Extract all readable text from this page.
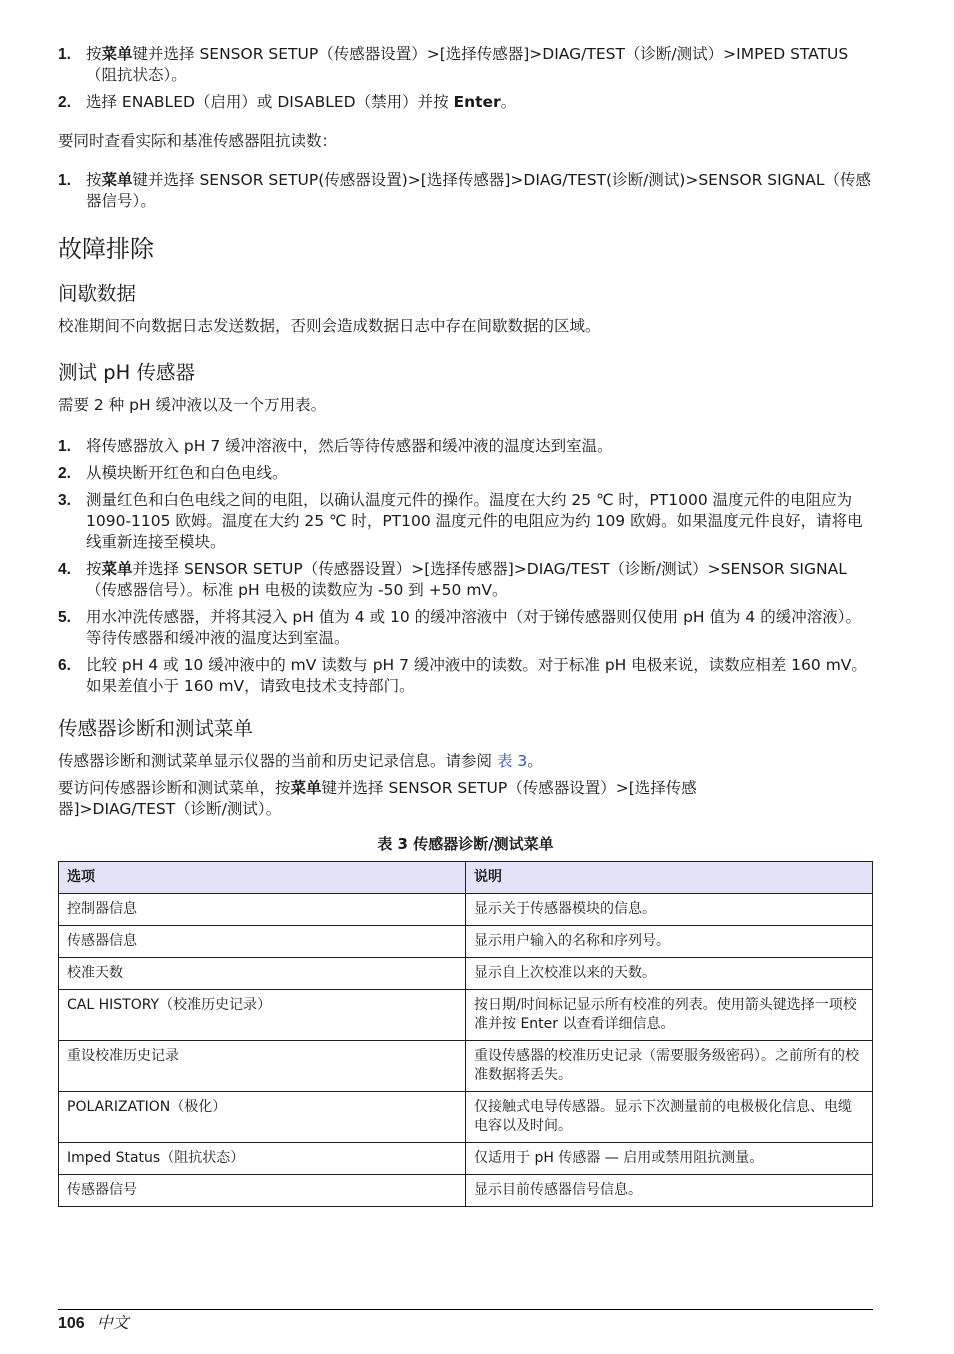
1. 按菜单键并选择 SENSOR SETUP（传感器设置）>[选择传感器]>DIAG/TEST（诊断/测试）>IMPED STATUS（阻抗状态）。
2. 选择 ENABLED（启用）或 DISABLED（禁用）并按 Enter。

要同时查看实际和基准传感器阻抗读数：

1. 按菜单键并选择 SENSOR SETUP(传感器设置)>[选择传感器]>DIAG/TEST(诊断/测试)>SENSOR SIGNAL（传感器信号）。
故障排除
间歇数据

校准期间不向数据日志发送数据，否则会造成数据日志中存在间歇数据的区域。

测试 pH 传感器

需要 2 种 pH 缓冲液以及一个万用表。

1. 将传感器放入 pH 7 缓冲溶液中，然后等待传感器和缓冲液的温度达到室温。
2. 从模块断开红色和白色电线。
3. 测量红色和白色电线之间的电阻，以确认温度元件的操作。温度在大约 25 ℃ 时，PT1000 温度元件的电阻应为 1090-1105 欧姆。温度在大约 25 ℃ 时，PT100 温度元件的电阻应为约 109 欧姆。如果温度元件良好，请将电线重新连接至模块。
4. 按菜单并选择 SENSOR SETUP（传感器设置）>[选择传感器]>DIAG/TEST（诊断/测试）>SENSOR SIGNAL（传感器信号）。标准 pH 电极的读数应为 -50 到 +50 mV。
5. 用水冲洗传感器，并将其浸入 pH 值为 4 或 10 的缓冲溶液中（对于锑传感器则仅使用 pH 值为 4 的缓冲溶液）。等待传感器和缓冲液的温度达到室温。
6. 比较 pH 4 或 10 缓冲液中的 mV 读数与 pH 7 缓冲液中的读数。对于标准 pH 电极来说，读数应相差 160 mV。如果差值小于 160 mV，请致电技术支持部门。
传感器诊断和测试菜单

传感器诊断和测试菜单显示仪器的当前和历史记录信息。请参阅 表 3。

要访问传感器诊断和测试菜单，按菜单键并选择 SENSOR SETUP（传感器设置）>[选择传感器]>DIAG/TEST（诊断/测试）。

表 3 传感器诊断/测试菜单

选项	说明
控制器信息	显示关于传感器模块的信息。
传感器信息	显示用户输入的名称和序列号。
校准天数	显示自上次校准以来的天数。
CAL HISTORY（校准历史记录）	按日期/时间标记显示所有校准的列表。使用箭头键选择一项校准并按 Enter 以查看详细信息。
重设校准历史记录	重设传感器的校准历史记录（需要服务级密码）。之前所有的校准数据将丢失。
POLARIZATION（极化）	仅接触式电导传感器。显示下次测量前的电极极化信息、电缆电容以及时间。
Imped Status（阻抗状态）	仅适用于 pH 传感器 — 启用或禁用阻抗测量。
传感器信号	显示目前传感器信号信息。
106 中文
